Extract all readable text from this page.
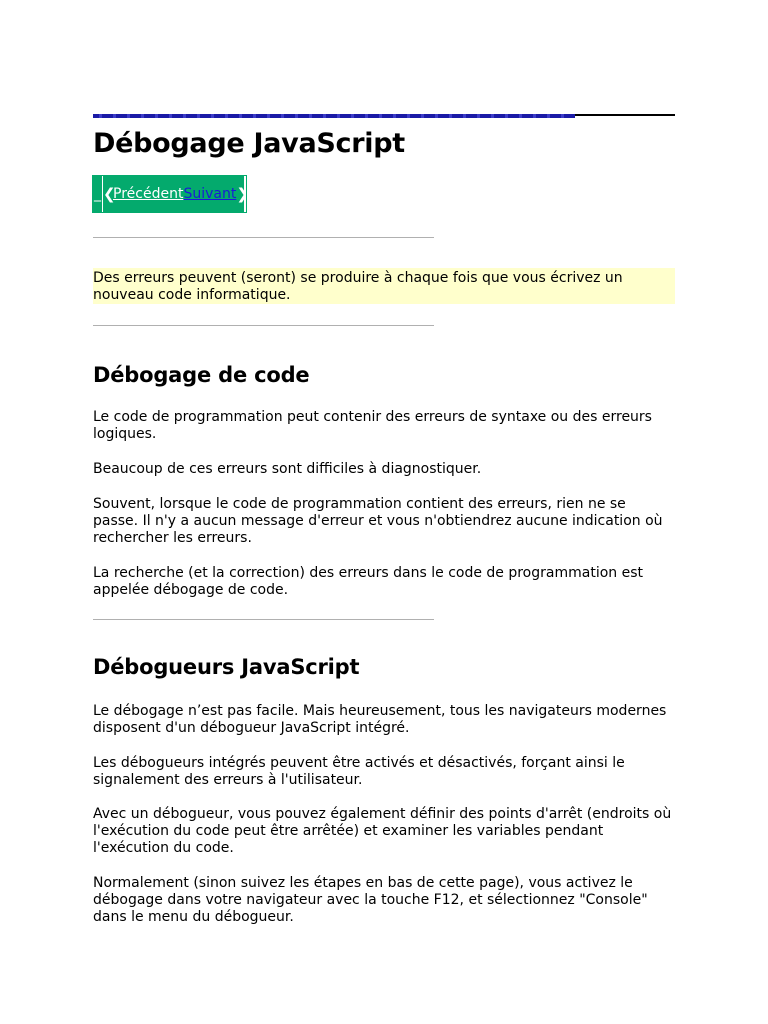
Débogage JavaScript
_ ❮
Précédent Suivant ❯
Des erreurs peuvent (seront) se produire à chaque fois que vous écrivez un nouveau code informatique.
Débogage de code

Le code de programmation peut contenir des erreurs de syntaxe ou des erreurs logiques.

Beaucoup de ces erreurs sont difficiles à diagnostiquer.

Souvent, lorsque le code de programmation contient des erreurs, rien ne se passe. Il n'y a aucun message d'erreur et vous n'obtiendrez aucune indication où rechercher les erreurs.

La recherche (et la correction) des erreurs dans le code de programmation est appelée débogage de code.

Débogueurs JavaScript

Le débogage n’est pas facile. Mais heureusement, tous les navigateurs modernes disposent d'un débogueur JavaScript intégré.

Les débogueurs intégrés peuvent être activés et désactivés, forçant ainsi le signalement des erreurs à l'utilisateur.

Avec un débogueur, vous pouvez également définir des points d'arrêt (endroits où l'exécution du code peut être arrêtée) et examiner les variables pendant l'exécution du code.

Normalement (sinon suivez les étapes en bas de cette page), vous activez le débogage dans votre navigateur avec la touche F12, et sélectionnez "Console" dans le menu du débogueur.
